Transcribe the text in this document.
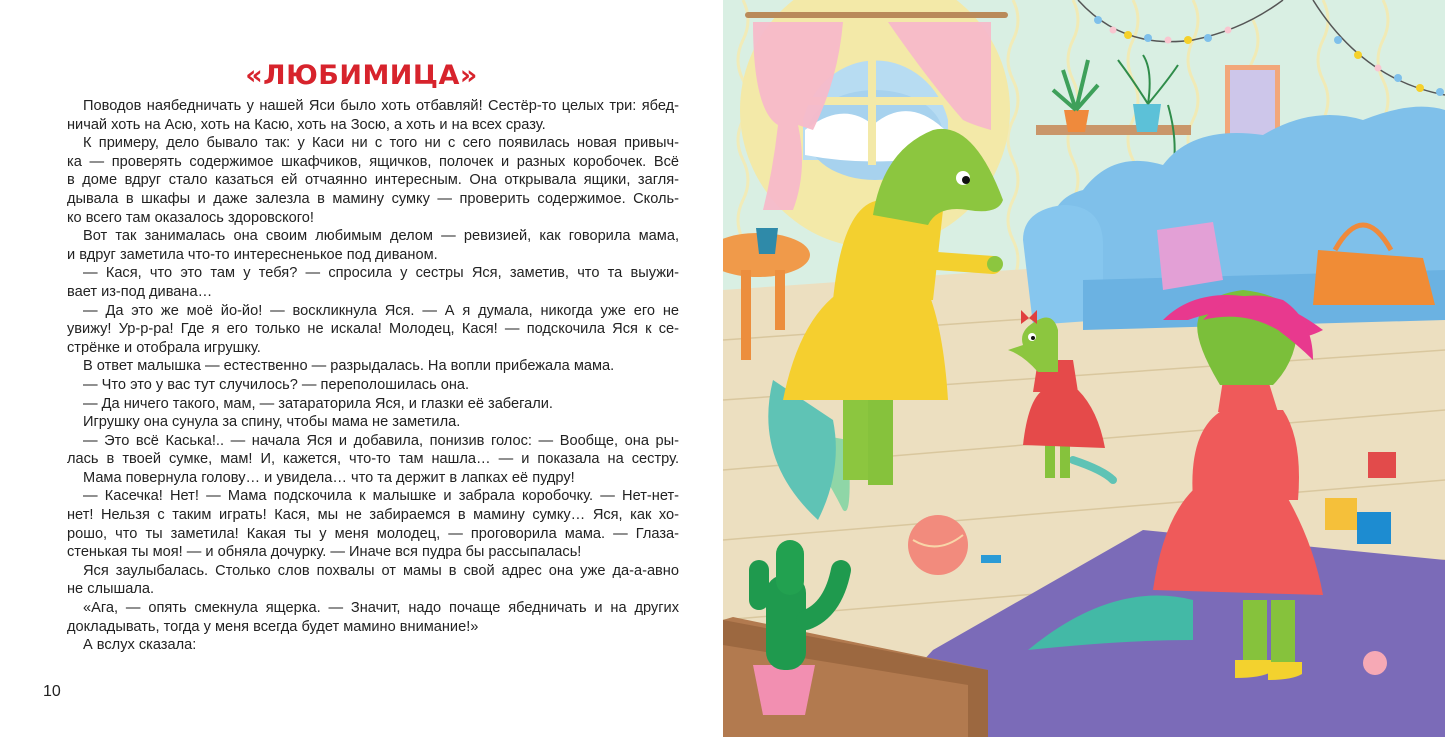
«ЛЮБИМИЦА»
Поводов наябедничать у нашей Яси было хоть отбавляй! Сестёр-то целых три: ябед-
ничай хоть на Асю, хоть на Касю, хоть на Зосю, а хоть и на всех сразу.
К примеру, дело бывало так: у Каси ни с того ни с сего появилась новая привыч-
ка — проверять содержимое шкафчиков, ящичков, полочек и разных коробочек. Всё
в доме вдруг стало казаться ей отчаянно интересным. Она открывала ящики, загля-
дывала в шкафы и даже залезла в мамину сумку — проверить содержимое. Сколь-
ко всего там оказалось здоровского!
Вот так занималась она своим любимым делом — ревизией, как говорила мама,
и вдруг заметила что-то интересненькое под диваном.
— Кася, что это там у тебя? — спросила у сестры Яся, заметив, что та выужи-
вает из-под дивана…
— Да это же моё йо-йо! — воскликнула Яся. — А я думала, никогда уже его не
увижу! Ур-р-ра! Где я его только не искала! Молодец, Кася! — подскочила Яся к се-
стрёнке и отобрала игрушку.
В ответ малышка — естественно — разрыдалась. На вопли прибежала мама.
— Что это у вас тут случилось? — переполошилась она.
— Да ничего такого, мам, — затараторила Яся, и глазки её забегали.
Игрушку она сунула за спину, чтобы мама не заметила.
— Это всё Каська!.. — начала Яся и добавила, понизив голос: — Вообще, она ры-
лась в твоей сумке, мам! И, кажется, что-то там нашла… — и показала на сестру.
Мама повернула голову… и увидела… что та держит в лапках её пудру!
— Касечка! Нет! — Мама подскочила к малышке и забрала коробочку. — Нет-нет-
нет! Нельзя с таким играть! Кася, мы не забираемся в мамину сумку… Яся, как хо-
рошо, что ты заметила! Какая ты у меня молодец, — проговорила мама. — Глаза-
стенькая ты моя! — и обняла дочурку. — Иначе вся пудра бы рассыпалась!
Яся заулыбалась. Столько слов похвалы от мамы в свой адрес она уже да-а-авно
не слышала.
«Ага, — опять смекнула ящерка. — Значит, надо почаще ябедничать и на других
докладывать, тогда у меня всегда будет мамино внимание!»
А вслух сказала:
10
